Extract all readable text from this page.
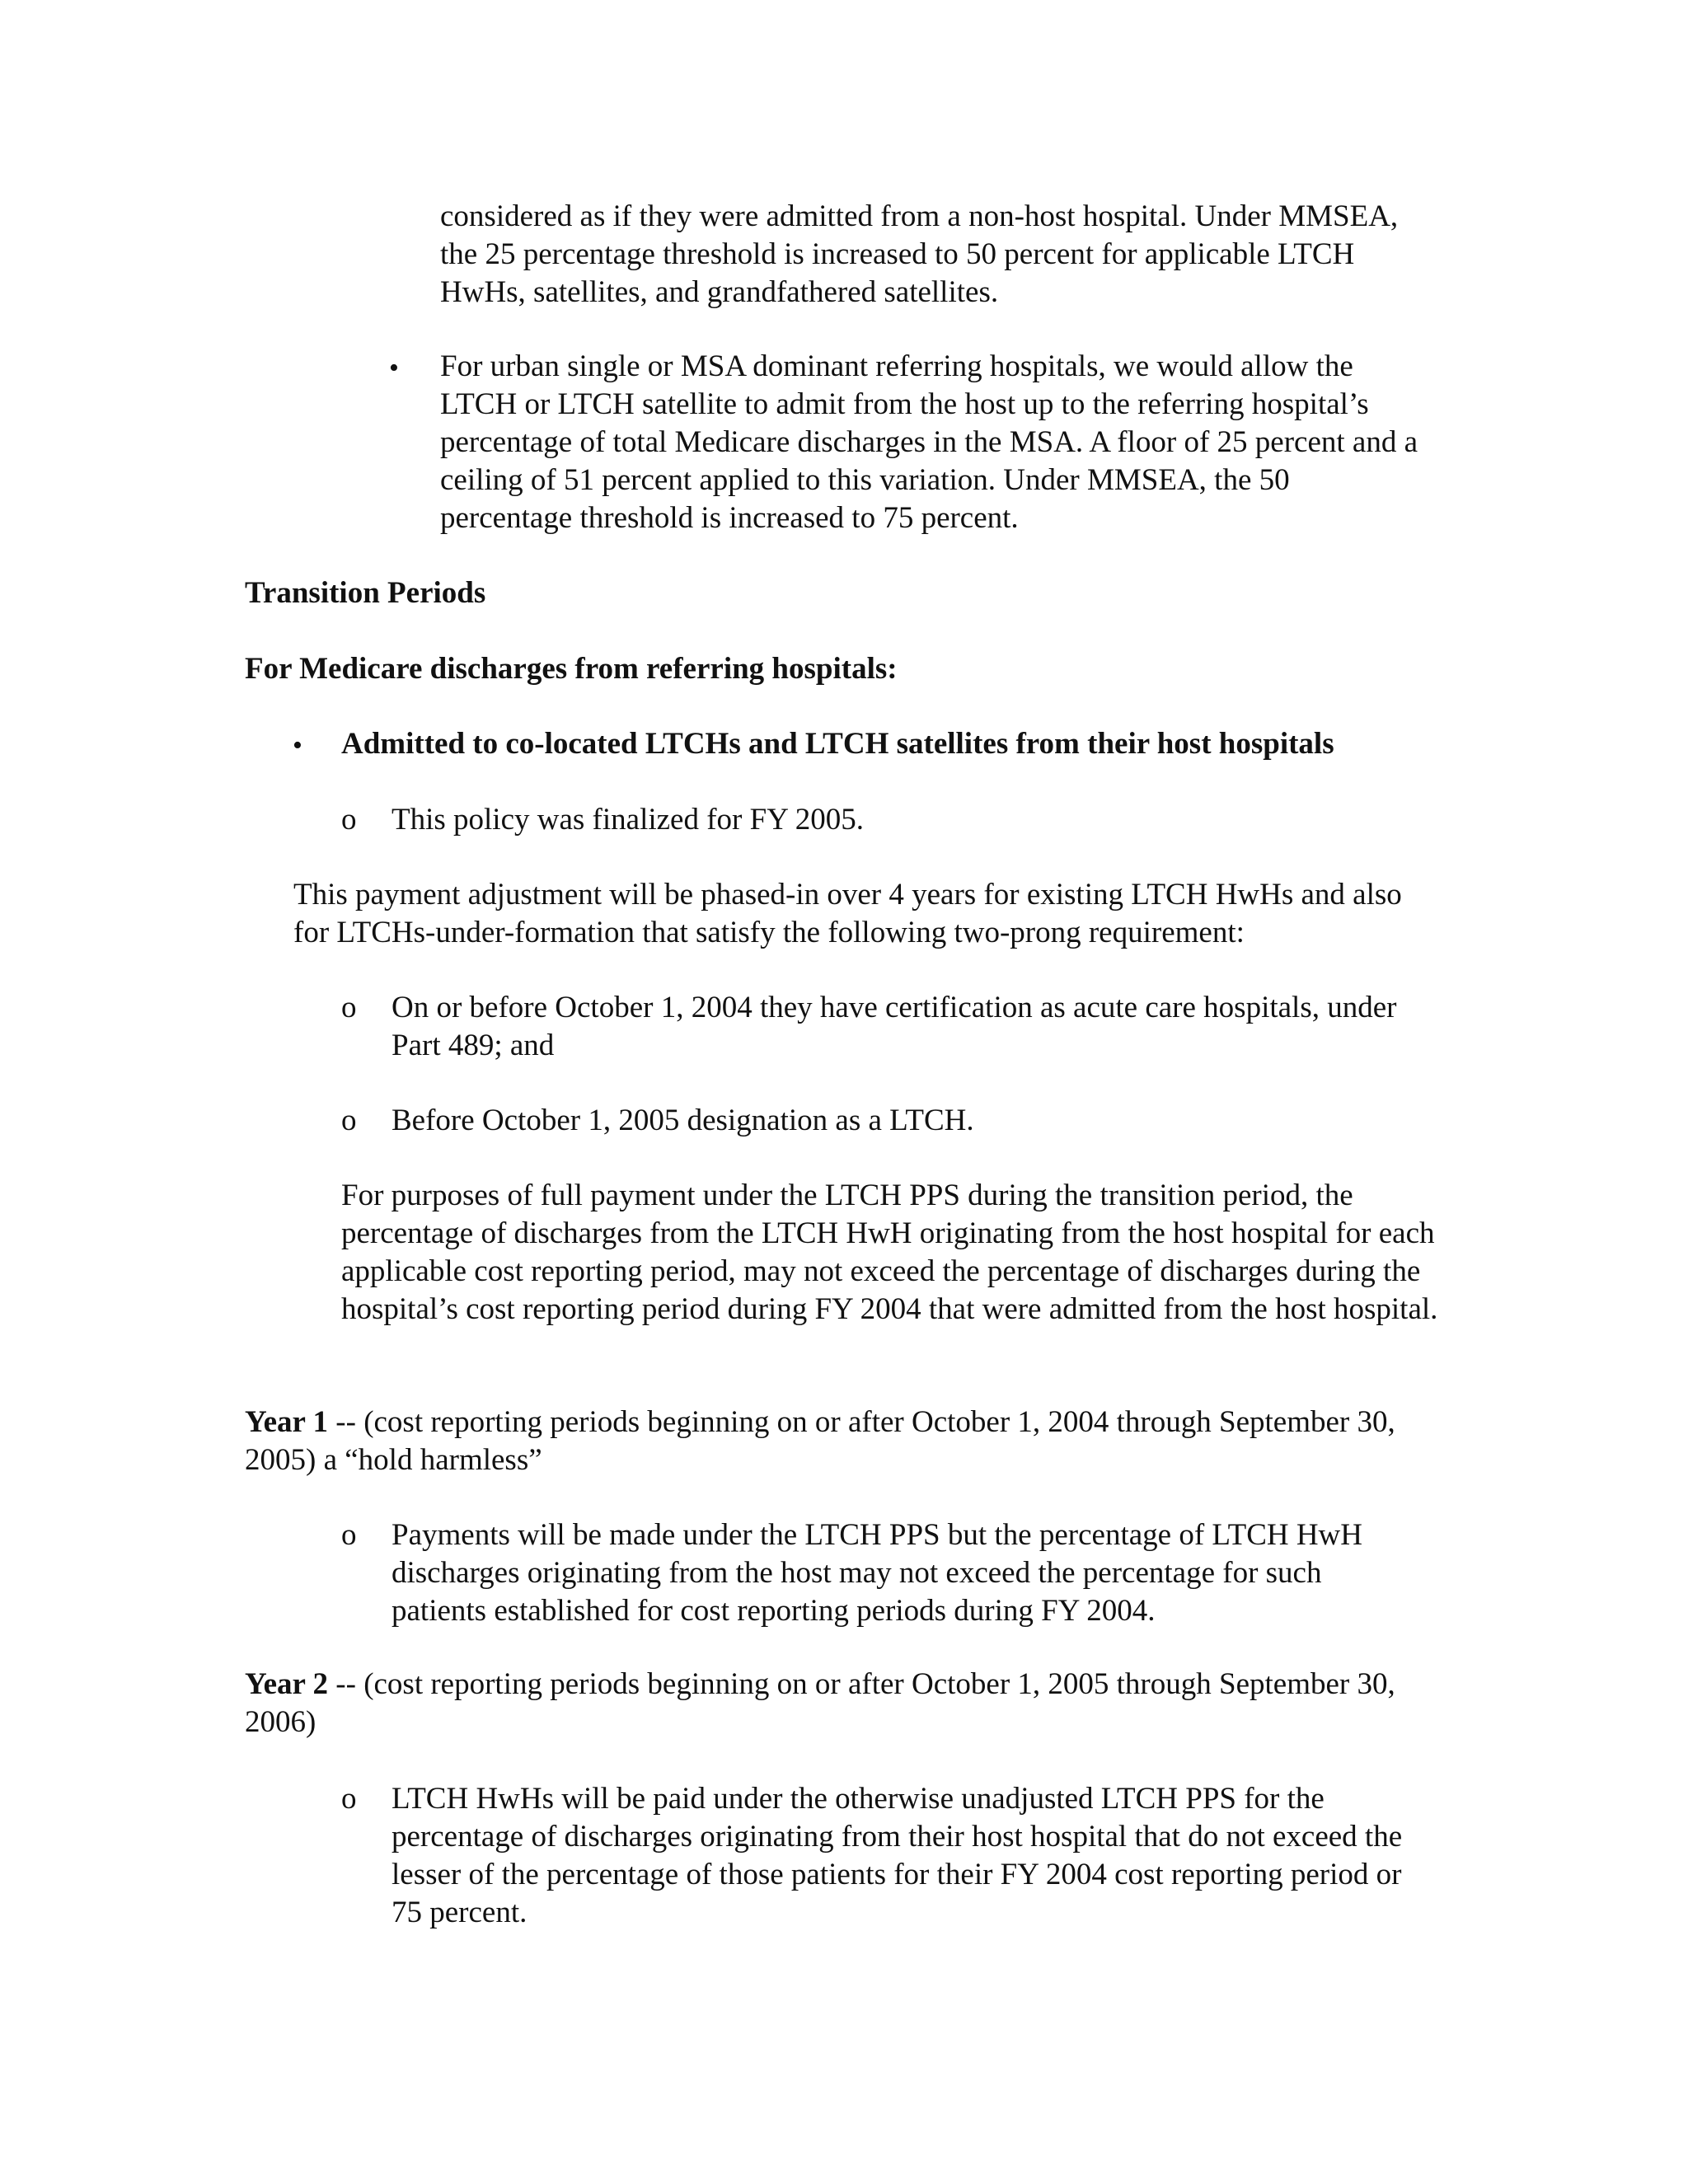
considered as if they were admitted from a non-host hospital. Under MMSEA, the 25 percentage threshold is increased to 50 percent for applicable LTCH HwHs, satellites, and grandfathered satellites.

• For urban single or MSA dominant referring hospitals, we would allow the LTCH or LTCH satellite to admit from the host up to the referring hospital’s percentage of total Medicare discharges in the MSA. A floor of 25 percent and a ceiling of 51 percent applied to this variation. Under MMSEA, the 50 percentage threshold is increased to 75 percent.

Transition Periods
For Medicare discharges from referring hospitals:
• Admitted to co-located LTCHs and LTCH satellites from their host hospitals

o This policy was finalized for FY 2005.

This payment adjustment will be phased-in over 4 years for existing LTCH HwHs and also for LTCHs-under-formation that satisfy the following two-prong requirement:

o On or before October 1, 2004 they have certification as acute care hospitals, under Part 489; and

o Before October 1, 2005 designation as a LTCH.

For purposes of full payment under the LTCH PPS during the transition period, the percentage of discharges from the LTCH HwH originating from the host hospital for each applicable cost reporting period, may not exceed the percentage of discharges during the hospital’s cost reporting period during FY 2004 that were admitted from the host hospital.

Year 1 -- (cost reporting periods beginning on or after October 1, 2004 through September 30, 2005) a “hold harmless”

o Payments will be made under the LTCH PPS but the percentage of LTCH HwH discharges originating from the host may not exceed the percentage for such patients established for cost reporting periods during FY 2004.

Year 2 -- (cost reporting periods beginning on or after October 1, 2005 through September 30, 2006)

o LTCH HwHs will be paid under the otherwise unadjusted LTCH PPS for the percentage of discharges originating from their host hospital that do not exceed the lesser of the percentage of those patients for their FY 2004 cost reporting period or 75 percent.
